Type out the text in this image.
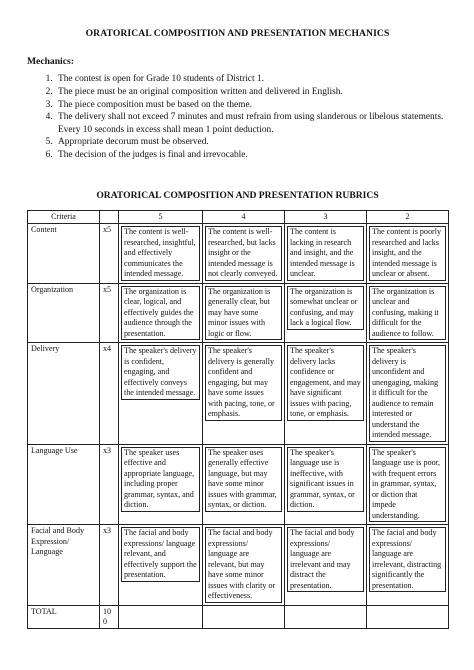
ORATORICAL COMPOSITION AND PRESENTATION MECHANICS

Mechanics:
1. The contest is open for Grade 10 students of District 1.
2. The piece must be an original composition written and delivered in English.
3. The piece composition must be based on the theme.
4. The delivery shall not exceed 7 minutes and must refrain from using slanderous or libelous statements. Every 10 seconds in excess shall mean 1 point deduction.
5. Appropriate decorum must be observed.
6. The decision of the judges is final and irrevocable.

ORATORICAL COMPOSITION AND PRESENTATION RUBRICS

Criteria		5	4	3	2
Content	x5	The content is well-researched, insightful, and effectively communicates the intended message.	The content is well-researched, but lacks insight or the intended message is not clearly conveyed.	The content is lacking in research and insight, and the intended message is unclear.	The content is poorly researched and lacks insight, and the intended message is unclear or absent.

Organization	x5	The organization is clear, logical, and effectively guides the audience through the presentation.	The organization is generally clear, but may have some minor issues with logic or flow.	The organization is somewhat unclear or confusing, and may lack a logical flow.	The organization is unclear and confusing, making it difficult for the audience to follow.

Delivery	x4	The speaker's delivery is confident, engaging, and effectively conveys the intended message.	The speaker's delivery is generally confident and engaging, but may have some issues with pacing, tone, or emphasis.	The speaker's delivery lacks confidence or engagement, and may have significant issues with pacing, tone, or emphasis.	The speaker's delivery is unconfident and unengaging, making it difficult for the audience to remain interested or understand the intended message.

Language Use	x3	The speaker uses effective and appropriate language, including proper grammar, syntax, and diction.	The speaker uses generally effective language, but may have some minor issues with grammar, syntax, or diction.	The speaker's language use is ineffective, with significant issues in grammar, syntax, or diction.	The speaker's language use is poor, with frequent errors in grammar, syntax, or diction that impede understanding.

Facial and Body Expression/ Language	x3	The facial and body expressions/ language relevant, and effectively support the presentation.	The facial and body expressions/ language are relevant, but may have some minor issues with clarity or effectiveness.	The facial and body expressions/ language are irrelevant and may distract the presentation.	The facial and body expressions/ language are irrelevant, distracting significantly the presentation.

TOTAL	100				
